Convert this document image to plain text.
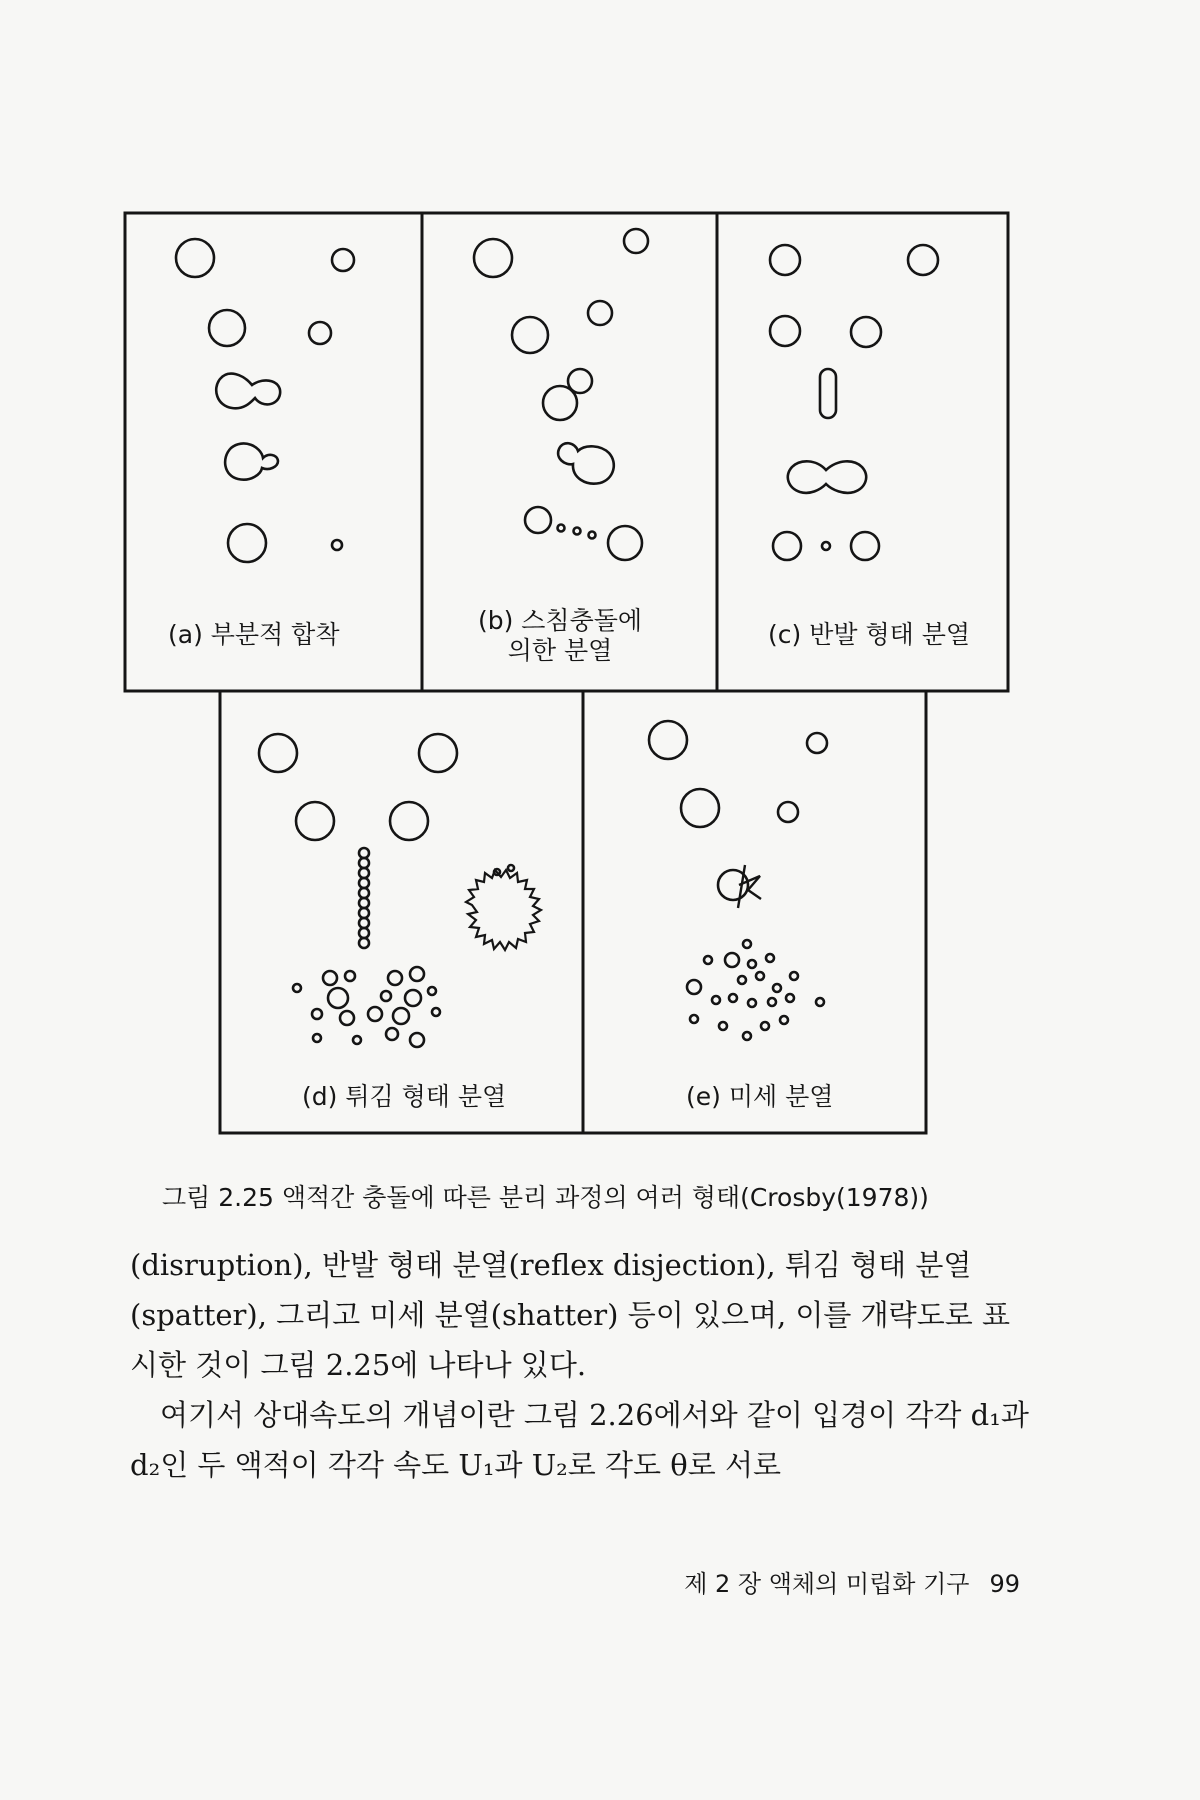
(a) 부분적 합착	(b) 스침충돌에
의한 분열
(c) 반발 형태 분열
(d) 튀김 형태 분열	(e) 미세 분열
그림 2.25 액적간 충돌에 따른 분리 과정의 여러 형태(Crosby(1978))

(disruption), 반발 형태 분열(reflex disjection), 튀김 형태 분열 (spatter), 그리고 미세 분열(shatter) 등이 있으며, 이를 개략도로 표시한 것이 그림 2.25에 나타나 있다.

여기서 상대속도의 개념이란 그림 2.26에서와 같이 입경이 각각 d₁과 d₂인 두 액적이 각각 속도 U₁과 U₂로 각도 θ로 서로

제 2 장 액체의 미립화 기구 99
